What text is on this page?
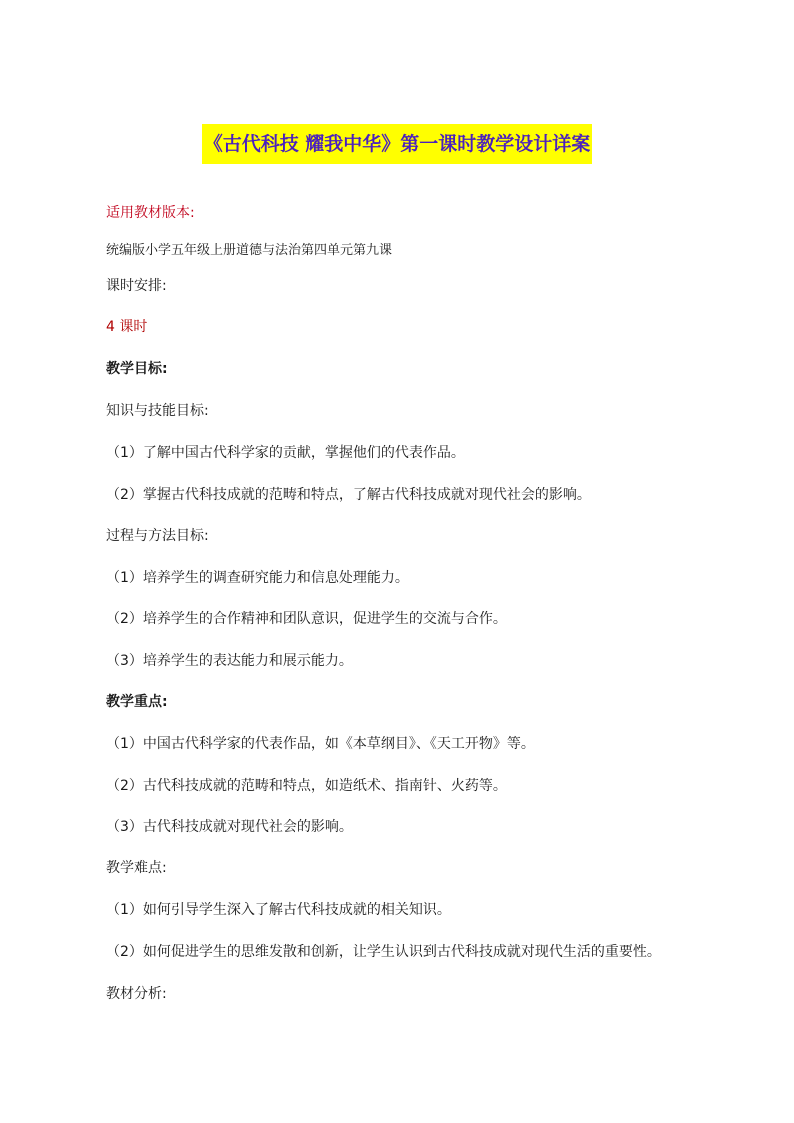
《古代科技 耀我中华》第一课时教学设计详案
适用教材版本:
统编版小学五年级上册道德与法治第四单元第九课
课时安排:
4 课时
教学目标:
知识与技能目标:
（1）了解中国古代科学家的贡献，掌握他们的代表作品。
（2）掌握古代科技成就的范畴和特点，了解古代科技成就对现代社会的影响。
过程与方法目标:
（1）培养学生的调查研究能力和信息处理能力。
（2）培养学生的合作精神和团队意识，促进学生的交流与合作。
（3）培养学生的表达能力和展示能力。
教学重点:
（1）中国古代科学家的代表作品，如《本草纲目》、《天工开物》等。
（2）古代科技成就的范畴和特点，如造纸术、指南针、火药等。
（3）古代科技成就对现代社会的影响。
教学难点:
（1）如何引导学生深入了解古代科技成就的相关知识。
（2）如何促进学生的思维发散和创新，让学生认识到古代科技成就对现代生活的重要性。
教材分析:
